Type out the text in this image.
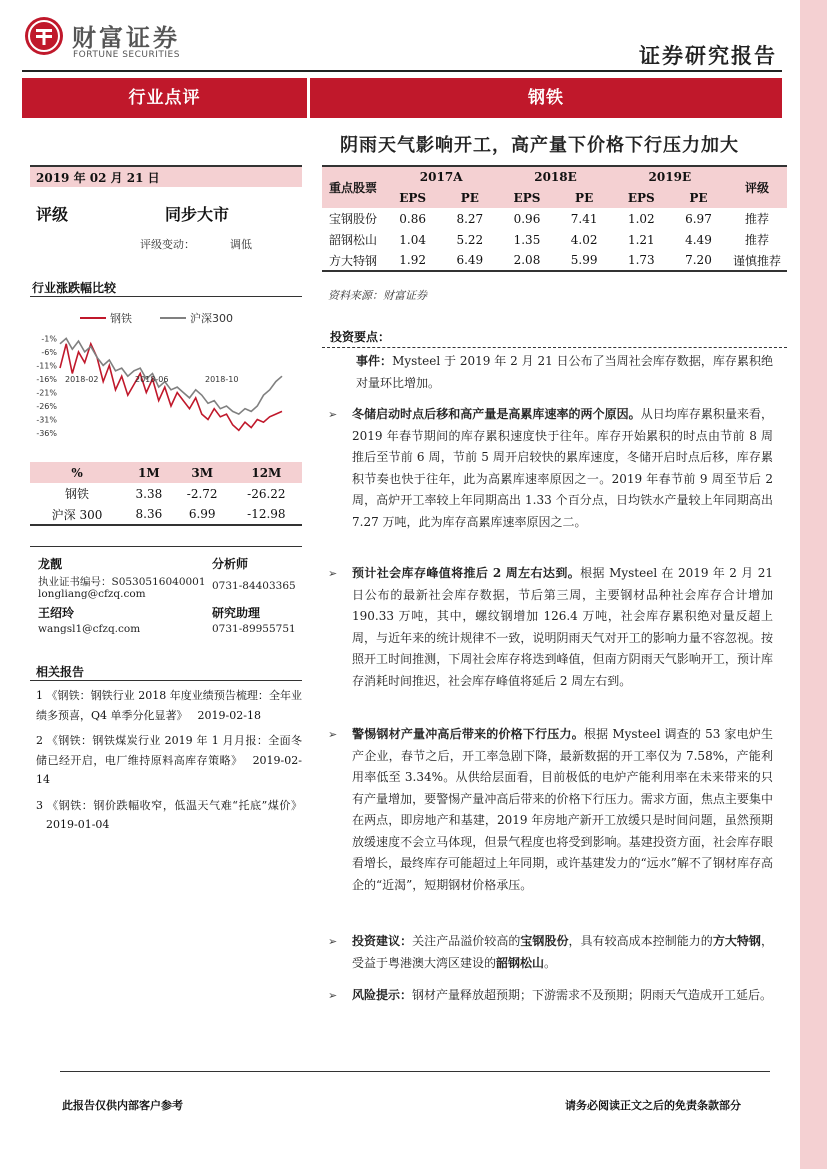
财富证券
FORTUNE SECURITIES	证券研究报告
行业点评	钢铁
阴雨天气影响开工，高产量下价格下行压力加大
2019 年 02 月 21 日
评级	同步大市
评级变动：	调低
行业涨跌幅比较
钢铁	沪深300
-1%
-6%
-11%
-16%
-21%
-26%
-31%
-36%
2018-02	2018-06	2018-10
%	1M	3M	12M
钢铁	3.38	-2.72	-26.22
沪深 300	8.36	6.99	-12.98
龙靓	分析师
执业证书编号：S0530516040001 0731-84403365
longliang@cfzq.com
王绍玲	研究助理
wangsl1@cfzq.com	0731-89955751
相关报告
1 《钢铁：钢铁行业 2018 年度业绩预告梳理：全年业绩多预喜，Q4 单季分化显著》 2019-02-18
2 《钢铁：钢铁煤炭行业 2019 年 1 月月报：全面冬储已经开启，电厂维持原料高库存策略》 2019-02-14
3 《钢铁：钢价跌幅收窄，低温天气难“托底”煤价》2019-01-04
重点股票	2017A		2018E		2019E		评级
	EPS	PE	EPS	PE	EPS	PE	
宝钢股份	0.86	8.27	0.96	7.41	1.02	6.97	推荐
韶钢松山	1.04	5.22	1.35	4.02	1.21	4.49	推荐
方大特钢	1.92	6.49	2.08	5.99	1.73	7.20	谨慎推荐
资料来源：财富证券
投资要点：
事件：Mysteel 于 2019 年 2 月 21 日公布了当周社会库存数据，库存累积绝对量环比增加。
➢ 冬储启动时点后移和高产量是高累库速率的两个原因。从日均库存累积量来看，2019 年春节期间的库存累积速度快于往年。库存开始累积的时点由节前 8 周推后至节前 6 周，节前 5 周开启较快的累库速度，冬储开启时点后移，库存累积节奏也快于往年，此为高累库速率原因之一。2019 年春节前 9 周至节后 2 周，高炉开工率较上年同期高出 1.33 个百分点，日均铁水产量较上年同期高出 7.27 万吨，此为库存高累库速率原因之二。
➢ 预计社会库存峰值将推后 2 周左右达到。根据 Mysteel 在 2019 年 2 月 21 日公布的最新社会库存数据，节后第三周，主要钢材品种社会库存合计增加 190.33 万吨，其中，螺纹钢增加 126.4 万吨，社会库存累积绝对量反超上周，与近年来的统计规律不一致，说明阴雨天气对开工的影响力量不容忽视。按照开工时间推测，下周社会库存将迭到峰值，但南方阴雨天气影响开工，预计库存消耗时间推迟，社会库存峰值将延后 2 周左右到。
➢ 警惕钢材产量冲高后带来的价格下行压力。根据 Mysteel 调查的 53 家电炉生产企业，春节之后，开工率急剧下降，最新数据的开工率仅为 7.58%，产能利用率低至 3.34%。从供给层面看，目前极低的电炉产能利用率在未来带来的只有产量增加，要警惕产量冲高后带来的价格下行压力。需求方面，焦点主要集中在两点，即房地产和基建，2019 年房地产新开工放缓只是时间问题，虽然预期放缓速度不会立马体现，但景气程度也将受到影响。基建投资方面，社会库存眼看增长，最终库存可能超过上年同期，或许基建发力的“远水”解不了钢材库存高企的“近渴”，短期钢材价格承压。
➢ 投资建议：关注产品溢价较高的宝钢股份，具有较高成本控制能力的方大特钢，受益于粤港澳大湾区建设的韶钢松山。
➢ 风险提示：钢材产量释放超预期；下游需求不及预期；阴雨天气造成开工延后。
此报告仅供内部客户参考	请务必阅读正文之后的免责条款部分
